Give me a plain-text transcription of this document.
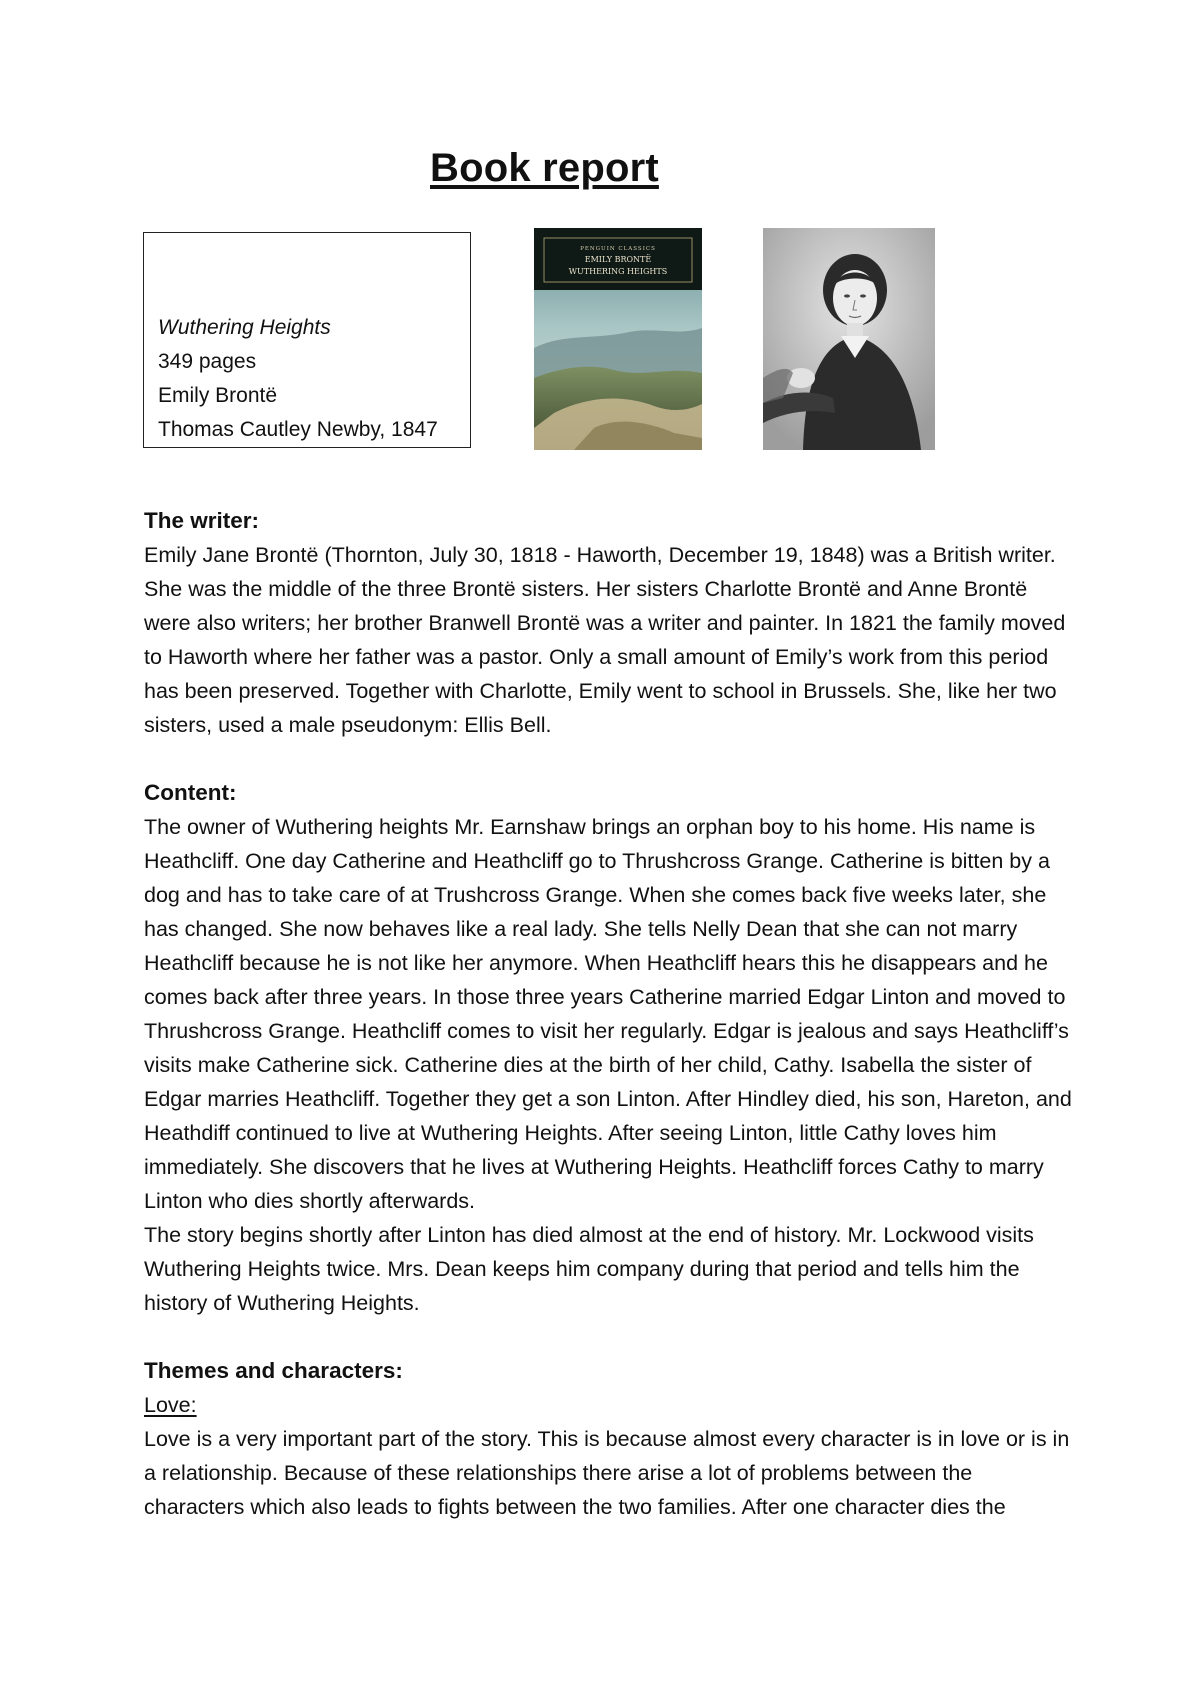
Book report
Wuthering Heights
349 pages
Emily Brontë
Thomas Cautley Newby, 1847
PENGUIN CLASSICS
EMILY BRONTË
WUTHERING HEIGHTS
The writer:

Emily Jane Brontë (Thornton, July 30, 1818 - Haworth, December 19, 1848) was a British writer. She was the middle of the three Brontë sisters. Her sisters Charlotte Brontë and Anne Brontë were also writers; her brother Branwell Brontë was a writer and painter. In 1821 the family moved to Haworth where her father was a pastor. Only a small amount of Emily’s work from this period has been preserved. Together with Charlotte, Emily went to school in Brussels. She, like her two sisters, used a male pseudonym: Ellis Bell.

Content:

The owner of Wuthering heights Mr. Earnshaw brings an orphan boy to his home. His name is Heathcliff. One day Catherine and Heathcliff go to Thrushcross Grange. Catherine is bitten by a dog and has to take care of at Trushcross Grange. When she comes back five weeks later, she has changed. She now behaves like a real lady. She tells Nelly Dean that she can not marry Heathcliff because he is not like her anymore. When Heathcliff hears this he disappears and he comes back after three years. In those three years Catherine married Edgar Linton and moved to Thrushcross Grange. Heathcliff comes to visit her regularly. Edgar is jealous and says Heathcliff’s visits make Catherine sick. Catherine dies at the birth of her child, Cathy. Isabella the sister of Edgar marries Heathcliff. Together they get a son Linton. After Hindley died, his son, Hareton, and Heathdiff continued to live at Wuthering Heights. After seeing Linton, little Cathy loves him immediately. She discovers that he lives at Wuthering Heights. Heathcliff forces Cathy to marry Linton who dies shortly afterwards.

The story begins shortly after Linton has died almost at the end of history. Mr. Lockwood visits Wuthering Heights twice. Mrs. Dean keeps him company during that period and tells him the history of Wuthering Heights.

Themes and characters:

Love:

Love is a very important part of the story. This is because almost every character is in love or is in a relationship. Because of these relationships there arise a lot of problems between the characters which also leads to fights between the two families. After one character dies the
